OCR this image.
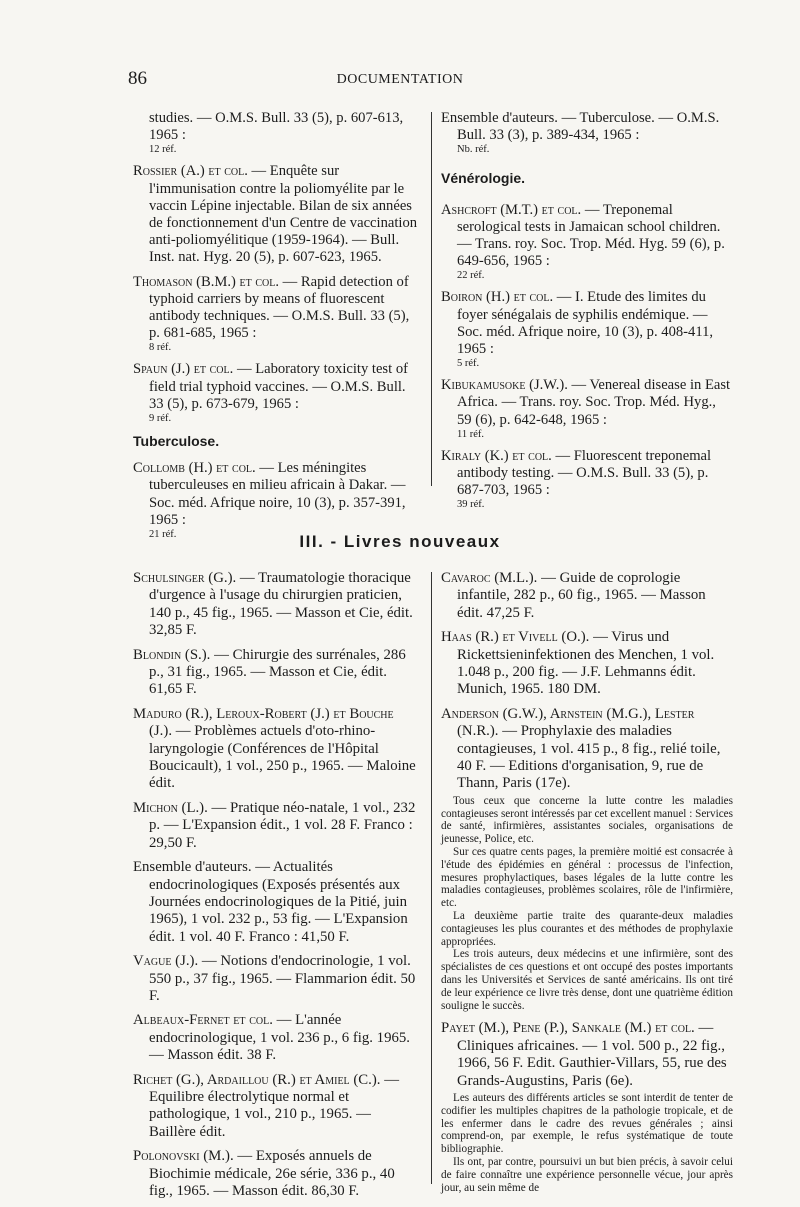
86	DOCUMENTATION
studies. — O.M.S. Bull. 33 (5), p. 607-613, 1965 :
12 réf.
Rossier (A.) et col. — Enquête sur l'immunisation contre la poliomyélite par le vaccin Lépine injectable. Bilan de six années de fonctionnement d'un Centre de vaccination anti-poliomyélitique (1959-1964). — Bull. Inst. nat. Hyg. 20 (5), p. 607-623, 1965.
Thomason (B.M.) et col. — Rapid detection of typhoid carriers by means of fluorescent antibody techniques. — O.M.S. Bull. 33 (5), p. 681-685, 1965 :
8 réf.
Spaun (J.) et col. — Laboratory toxicity test of field trial typhoid vaccines. — O.M.S. Bull. 33 (5), p. 673-679, 1965 :
9 réf.
Tuberculose.
Collomb (H.) et col. — Les méningites tuberculeuses en milieu africain à Dakar. — Soc. méd. Afrique noire, 10 (3), p. 357-391, 1965 :
21 réf.
Ensemble d'auteurs. — Tuberculose. — O.M.S. Bull. 33 (3), p. 389-434, 1965 :
Nb. réf.
Vénérologie.
Ashcroft (M.T.) et col. — Treponemal serological tests in Jamaican school children. — Trans. roy. Soc. Trop. Méd. Hyg. 59 (6), p. 649-656, 1965 :
22 réf.
Boiron (H.) et col. — I. Etude des limites du foyer sénégalais de syphilis endémique. — Soc. méd. Afrique noire, 10 (3), p. 408-411, 1965 :
5 réf.
Kibukamusoke (J.W.). — Venereal disease in East Africa. — Trans. roy. Soc. Trop. Méd. Hyg., 59 (6), p. 642-648, 1965 :
11 réf.
Kiraly (K.) et col. — Fluorescent treponemal antibody testing. — O.M.S. Bull. 33 (5), p. 687-703, 1965 :
39 réf.
III. - Livres nouveaux
Schulsinger (G.). — Traumatologie thoracique d'urgence à l'usage du chirurgien praticien, 140 p., 45 fig., 1965. — Masson et Cie, édit. 32,85 F.
Blondin (S.). — Chirurgie des surrénales, 286 p., 31 fig., 1965. — Masson et Cie, édit. 61,65 F.
Maduro (R.), Leroux-Robert (J.) et Bouche (J.). — Problèmes actuels d'oto-rhino-laryngologie (Conférences de l'Hôpital Boucicault), 1 vol., 250 p., 1965. — Maloine édit.
Michon (L.). — Pratique néo-natale, 1 vol., 232 p. — L'Expansion édit., 1 vol. 28 F. Franco : 29,50 F.
Ensemble d'auteurs. — Actualités endocrinologiques (Exposés présentés aux Journées endocrinologiques de la Pitié, juin 1965), 1 vol. 232 p., 53 fig. — L'Expansion édit. 1 vol. 40 F. Franco : 41,50 F.
Vague (J.). — Notions d'endocrinologie, 1 vol. 550 p., 37 fig., 1965. — Flammarion édit. 50 F.
Albeaux-Fernet et col. — L'année endocrinologique, 1 vol. 236 p., 6 fig. 1965. — Masson édit. 38 F.
Richet (G.), Ardaillou (R.) et Amiel (C.). — Equilibre électrolytique normal et pathologique, 1 vol., 210 p., 1965. — Baillère édit.
Polonovski (M.). — Exposés annuels de Biochimie médicale, 26e série, 336 p., 40 fig., 1965. — Masson édit. 86,30 F.
Cavaroc (M.L.). — Guide de coprologie infantile, 282 p., 60 fig., 1965. — Masson édit. 47,25 F.
Haas (R.) et Vivell (O.). — Virus und Rickettsieninfektionen des Menchen, 1 vol. 1.048 p., 200 fig. — J.F. Lehmanns édit. Munich, 1965. 180 DM.
Anderson (G.W.), Arnstein (M.G.), Lester (N.R.). — Prophylaxie des maladies contagieuses, 1 vol. 415 p., 8 fig., relié toile, 40 F. — Editions d'organisation, 9, rue de Thann, Paris (17e).

Tous ceux que concerne la lutte contre les maladies contagieuses seront intéressés par cet excellent manuel : Services de santé, infirmières, assistantes sociales, organisations de jeunesse, Police, etc.

Sur ces quatre cents pages, la première moitié est consacrée à l'étude des épidémies en général : processus de l'infection, mesures prophylactiques, bases légales de la lutte contre les maladies contagieuses, problèmes scolaires, rôle de l'infirmière, etc.

La deuxième partie traite des quarante-deux maladies contagieuses les plus courantes et des méthodes de prophylaxie appropriées.

Les trois auteurs, deux médecins et une infirmière, sont des spécialistes de ces questions et ont occupé des postes importants dans les Universités et Services de santé américains. Ils ont tiré de leur expérience ce livre très dense, dont une quatrième édition souligne le succès.

Payet (M.), Pene (P.), Sankale (M.) et col. — Cliniques africaines. — 1 vol. 500 p., 22 fig., 1966, 56 F. Edit. Gauthier-Villars, 55, rue des Grands-Augustins, Paris (6e).

Les auteurs des différents articles se sont interdit de tenter de codifier les multiples chapitres de la pathologie tropicale, et de les enfermer dans le cadre des revues générales ; ainsi comprend-on, par exemple, le refus systématique de toute bibliographie.

Ils ont, par contre, poursuivi un but bien précis, à savoir celui de faire connaître une expérience personnelle vécue, jour après jour, au sein même de
